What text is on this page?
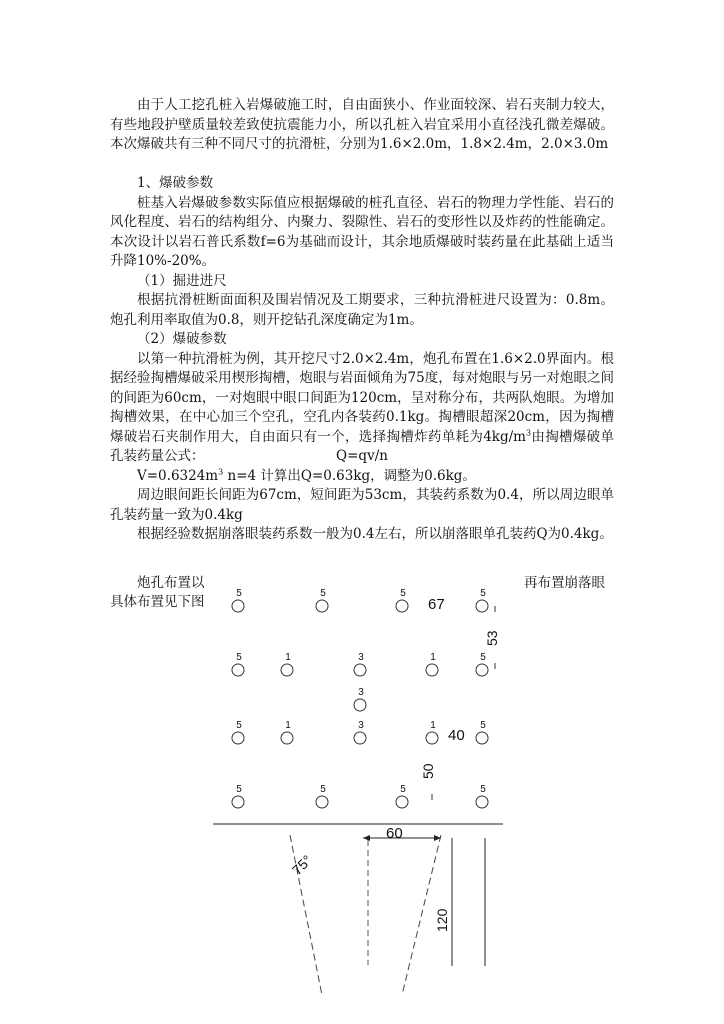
由于人工挖孔桩入岩爆破施工时，自由面狭小、作业面较深、岩石夹制力较大，有些地段护壁质量较差致使抗震能力小，所以孔桩入岩宜采用小直径浅孔微差爆破。本次爆破共有三种不同尺寸的抗滑桩，分别为1.6×2.0m，1.8×2.4m，2.0×3.0m

1、爆破参数

桩基入岩爆破参数实际值应根据爆破的桩孔直径、岩石的物理力学性能、岩石的风化程度、岩石的结构组分、内聚力、裂隙性、岩石的变形性以及炸药的性能确定。本次设计以岩石普氏系数f=6为基础而设计，其余地质爆破时装药量在此基础上适当升降10%-20%。

（1）掘进进尺

根据抗滑桩断面面积及围岩情况及工期要求，三种抗滑桩进尺设置为：0.8m。炮孔利用率取值为0.8，则开挖钻孔深度确定为1m。

（2）爆破参数

以第一种抗滑桩为例，其开挖尺寸2.0×2.4m，炮孔布置在1.6×2.0界面内。根据经验掏槽爆破采用楔形掏槽，炮眼与岩面倾角为75度，每对炮眼与另一对炮眼之间的间距为60cm，一对炮眼中眼口间距为120cm，呈对称分布，共两队炮眼。为增加掏槽效果，在中心加三个空孔，空孔内各装药0.1kg。掏槽眼超深20cm，因为掏槽爆破岩石夹制作用大，自由面只有一个，选择掏槽炸药单耗为$4kg/m^3$由掏槽爆破单孔装药量公式：	Q=qv/n

$V=0.6324m^3$ n=4 计算出Q=0.63kg，调整为0.6kg。

周边眼间距长间距为67cm，短间距为53cm，其装药系数为0.4，所以周边眼单孔装药量一致为0.4kg

根据经验数据崩落眼装药系数一般为0.4左右，所以崩落眼单孔装药Q为0.4kg。

炮孔布置以
具体布置见下图
再布置崩落眼
5	5	5	5
5	1	3	1	5
3
5	1	3	1	5
5	5	5	5
67
53
40
50
60
120
75°
